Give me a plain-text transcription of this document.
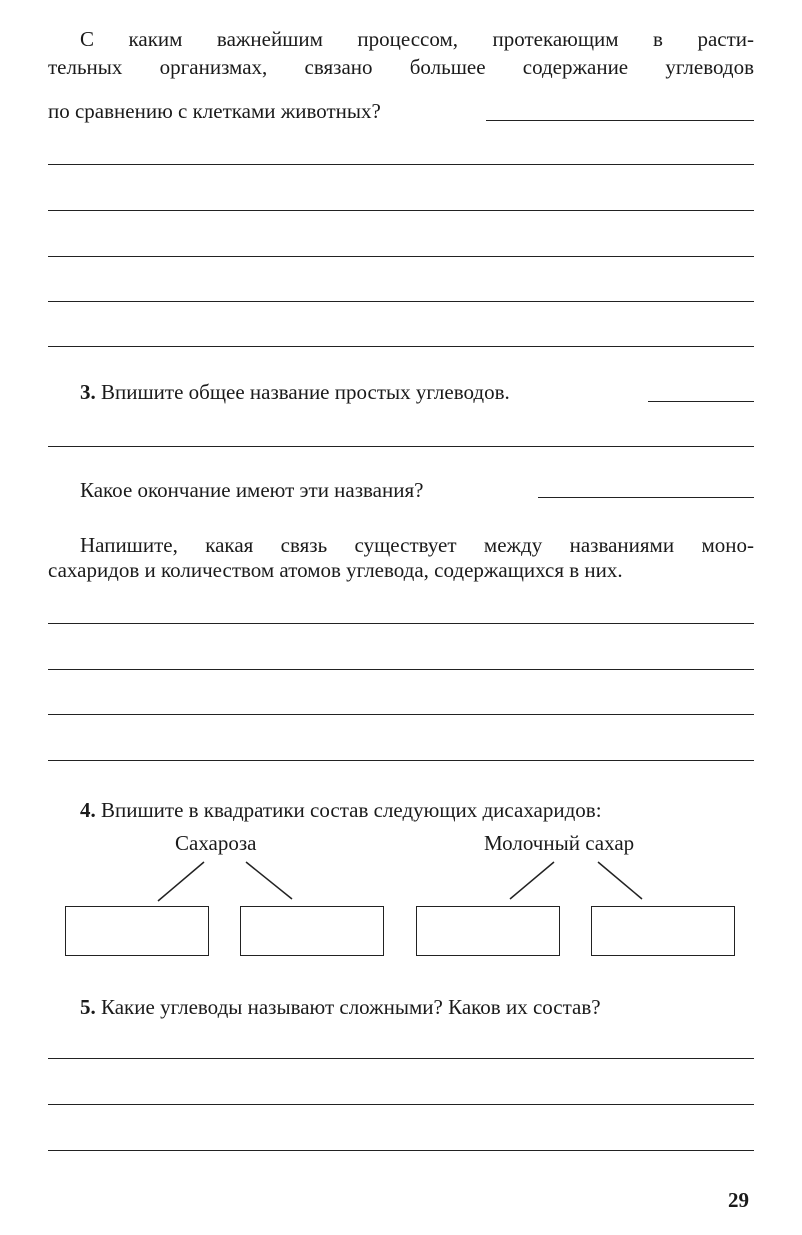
С каким важнейшим процессом, протекающим в расти-
тельных организмах, связано большее содержание углеводов
по сравнению с клетками животных?
3. Впишите общее название простых углеводов.
Какое окончание имеют эти названия?
Напишите, какая связь существует между названиями моно-
сахаридов и количеством атомов углевода, содержащихся в них.
4. Впишите в квадратики состав следующих дисахаридов:
Сахароза	Молочный сахар
5. Какие углеводы называют сложными? Каков их состав?
29
